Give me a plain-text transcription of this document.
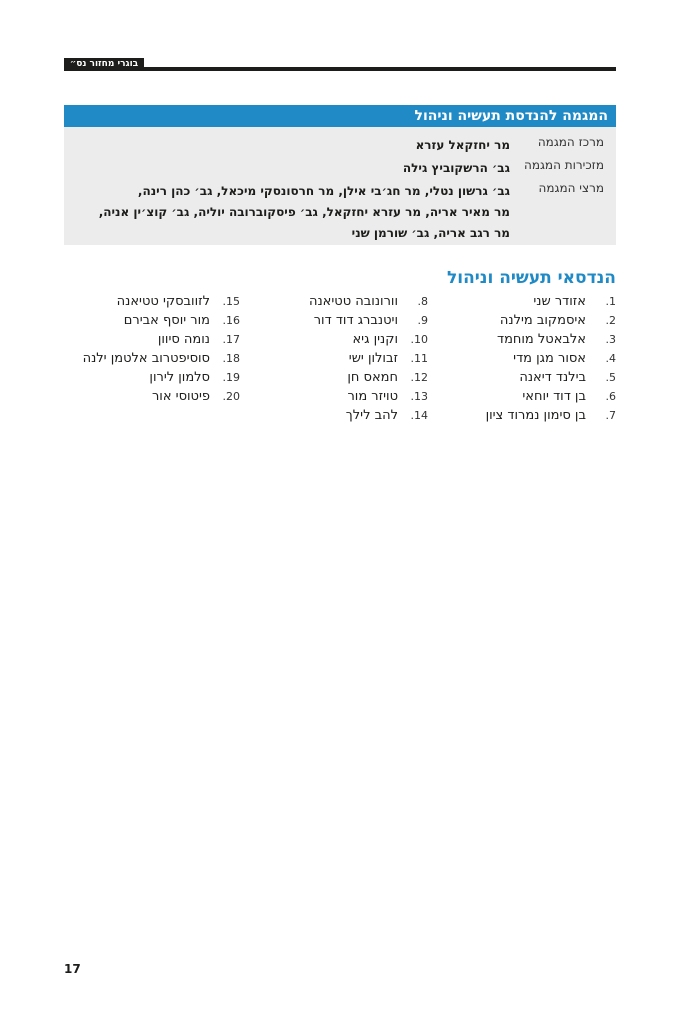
בוגרי מחזור נס״
המגמה להנדסת תעשיה וניהול
מרכז המגמה
מר יחזקאל עזרא
מזכירות המגמה
גב׳ הרשקוביץ גילה
מרצי המגמה
גב׳ גרשון נטלי, מר חג׳בי אילן, מר חרסונסקי מיכאל, גב׳ כהן רינה,
מר מאיר אריה, מר עזרא יחזקאל, גב׳ פיסקוברובה יוליה, גב׳ קוצ׳ין אניה,
מר רגב אריה, גב׳ שורמן שני
הנדסאי תעשיה וניהול
1.אזודר שני
2.איסמקוב מילנה
3.אלבאטל מוחמד
4.אסור מגן מדי
5.בילנד דיאנה
6.בן דוד יוחאי
7.בן סימון נמרוד ציון
8.וורונובה טטיאנה
9.ויטנברג דוד דור
10.וקנין גיא
11.זבולון ישי
12.חמאס חן
13.טויזר מור
14.להב לילך
15.לזוובסקי טטיאנה
16.מור יוסף אבירם
17.נומה סיוון
18.סוסיפטרוב אלטמן ילנה
19.סלמון לירון
20.פיטוסי אור
17
